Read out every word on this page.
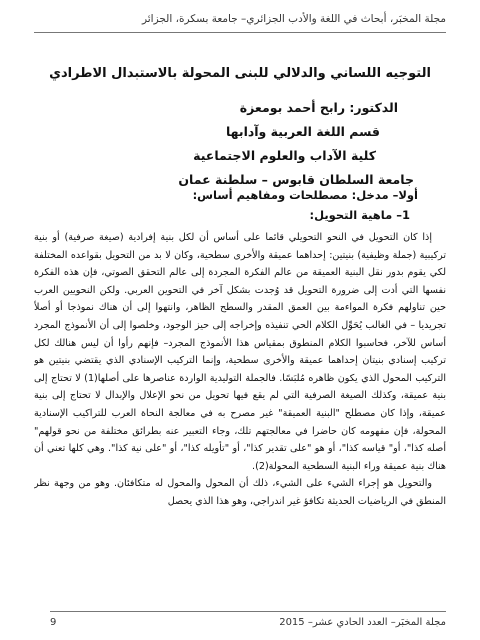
مجلة المخبَر، أبحاث في اللغة والأدب الجزائري– جامعة بسكرة، الجزائر
التوجيه اللساني والدلالي للبنى المحولة بالاستبدال الاطرادي
الدكتور: رابح أحمد بومعزة
قسم اللغة العربية وآدابها
كلية الآداب والعلوم الاجتماعية
جامعة السلطان قابوس – سلطنة عمان
أولا– مدخل: مصطلحات ومفاهيم أساس:
1– ماهية التحويل:

إذا كان التحويل في النحو التحويلي قائما على أساس أن لكل بنية إفرادية (صيغة صرفية) أو بنية تركيبية (جملة وظيفية) بنيتين: إحداهما عميقة والأخرى سطحية، وكان لا بد من التحويل بقواعده المختلفة لكي يقوم بدور نقل البنية العميقة من عالم الفكرة المجردة إلى عالم التحقق الصوتي، فإن هذه الفكرة نفسها التي أدت إلى ضرورة التحويل قد وُجدت بشكل آخر في التحوين العربي. ولكن النحويين العرب حين تناولهم فكرة المواءمة بين العمق المقدر والسطح الظاهر، وانتهوا إلى أن هناك نموذجا أو أصلاً تجريديا – في الغالب يُحَوِّل الكلام الحي تنفيذه وإخراجه إلى حيز الوجود، وخلصوا إلى أن الأنموذج المجرد أساس للآخر، فحاسبوا الكلام المنطوق بمقياس هذا الأنموذج المجرد– فإنهم رأوا أن ليس هنالك لكل تركيب إسنادي بنيتان إحداهما عميقة والأخرى سطحية، وإنما التركيب الإسنادي الذي يقتضي بنيتين هو التركيب المحول الذي يكون ظاهره مُلبَسًا. فالجملة التوليدية الواردة عناصرها على أصلها(1) لا تحتاج إلى بنية عميقة، وكذلك الصيغة الصرفية التي لم يقع فيها تحويل من نحو الإعلال والإبدال لا تحتاج إلى بنية عميقة، وإذا كان مصطلح "البنية العميقة" غير مصرح به في معالجة النحاة العرب للتراكيب الإسنادية المحولة، فإن مفهومه كان حاضرا في معالجتهم تلك، وجاء التعبير عنه بطرائق مختلفة من نحو قولهم" أصله كذا"، أو" قياسه كذا"، أو هو "على تقدير كذا"، أو "تأويله كذا"، أو "على نية كذا". وهي كلها تعني أن هناك بنية عميقة وراء البنية السطحية المحولة(2).

والتحويل هو إجراء الشيء على الشيء، ذلك أن المحول والمحول له متكافئان. وهو من وجهة نظر المنطق في الرياضيات الحديثة تكافؤ غير اندراجي، وهو هذا الذي يحصل

مجلة المخبَر– العدد الحادي عشر– 2015
9
